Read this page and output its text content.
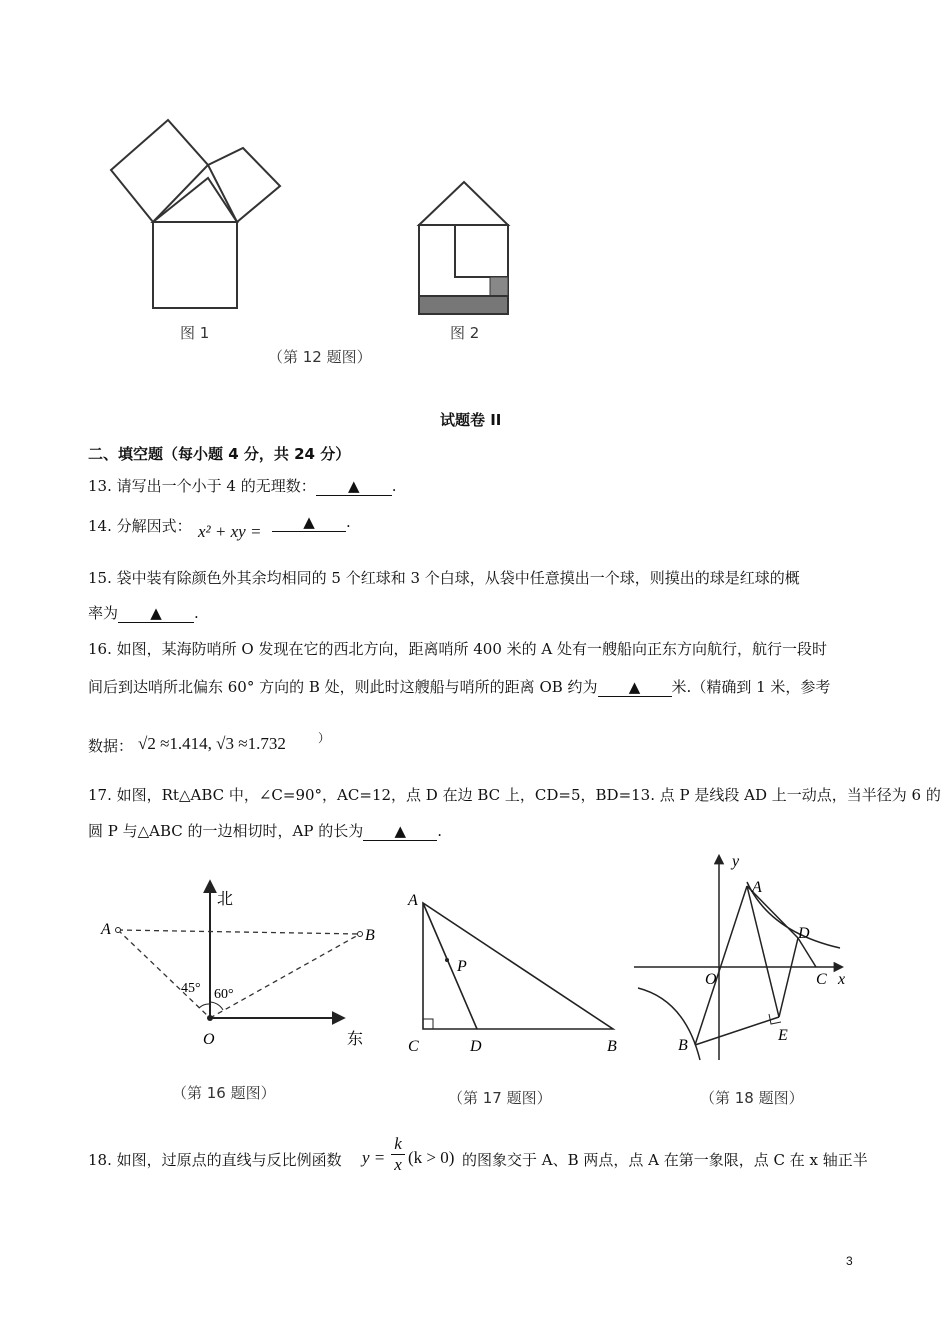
图 1	图 2
（第 12 题图）
试题卷 II
二、填空题（每小题 4 分，共 24 分）
13. 请写出一个小于 4 的无理数： ▲ .
14. 分解因式： x² + xy =	▲ .
15. 袋中装有除颜色外其余均相同的 5 个红球和 3 个白球，从袋中任意摸出一个球，则摸出的球是红球的概
率为 ▲ .
16. 如图，某海防哨所 O 发现在它的西北方向，距离哨所 400 米的 A 处有一艘船向正东方向航行，航行一段时
间后到达哨所北偏东 60° 方向的 B 处，则此时这艘船与哨所的距离 OB 约为 ▲ 米.（精确到 1 米，参考
数据： √2 ≈1.414, √3 ≈1.732	）
17. 如图，Rt△ABC 中，∠C=90°，AC=12，点 D 在边 BC 上，CD=5，BD=13. 点 P 是线段 AD 上一动点，当半径为 6 的
圆 P 与△ABC 的一边相切时，AP 的长为 ▲ .
北
东
A	B
O
45° 60°
（第 16 题图）
A
C	D	B
P
（第 17 题图）
y
x
A
D
C
O
B
E
（第 18 题图）
18. 如图，过原点的直线与反比例函数 y =
k
x (k > 0) 的图象交于 A、B 两点，点 A 在第一象限，点 C 在 x 轴正半
3
